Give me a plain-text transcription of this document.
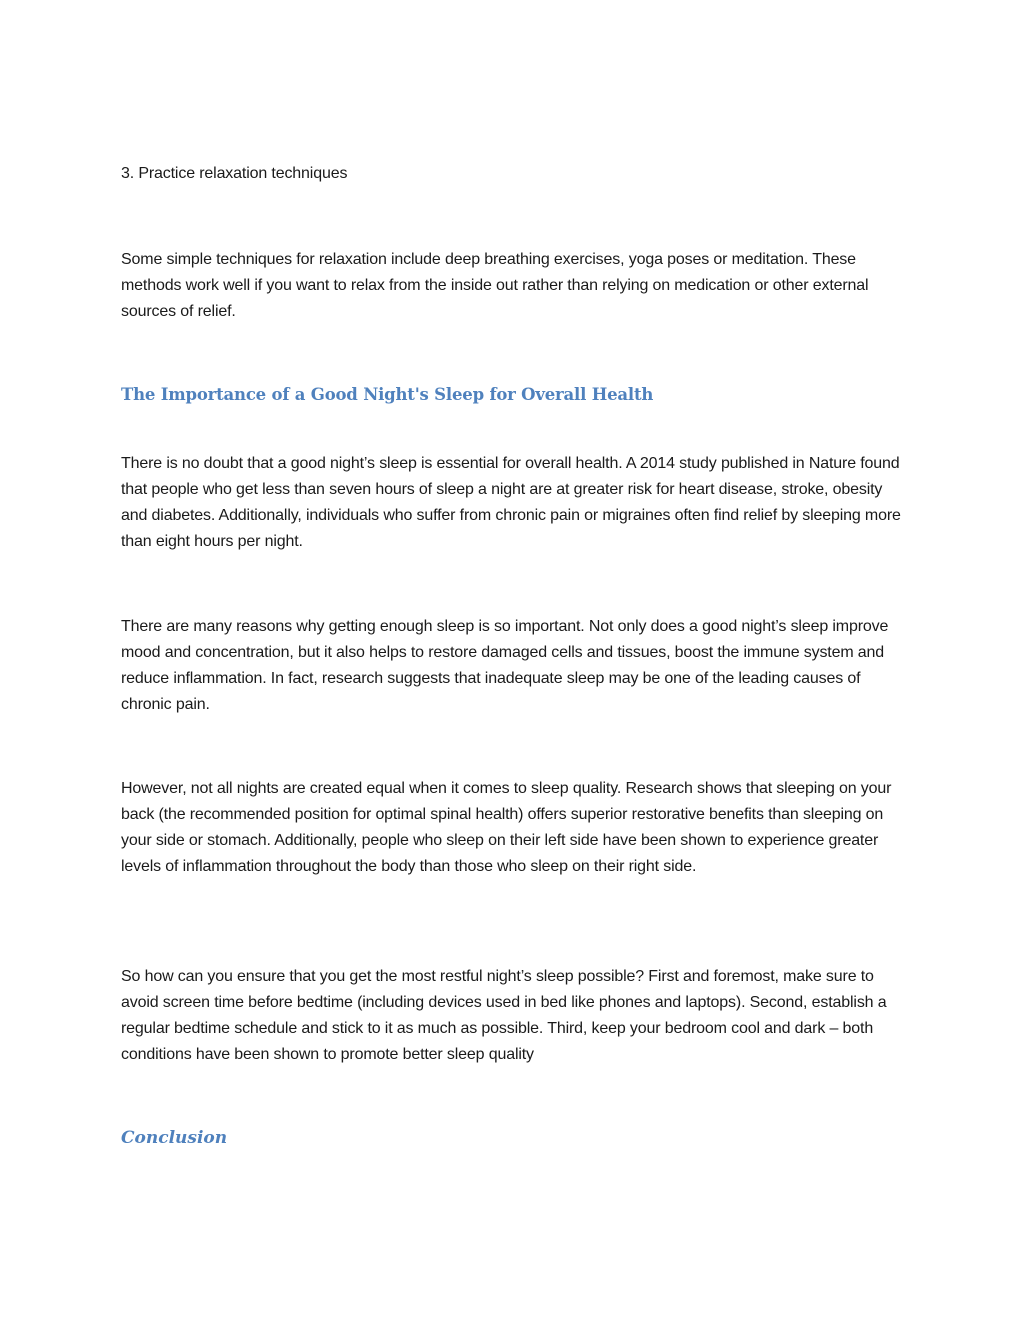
3. Practice relaxation techniques

Some simple techniques for relaxation include deep breathing exercises, yoga poses or meditation. These methods work well if you want to relax from the inside out rather than relying on medication or other external sources of relief.

The Importance of a Good Night's Sleep for Overall Health

There is no doubt that a good night’s sleep is essential for overall health. A 2014 study published in Nature found that people who get less than seven hours of sleep a night are at greater risk for heart disease, stroke, obesity and diabetes. Additionally, individuals who suffer from chronic pain or migraines often find relief by sleeping more than eight hours per night.

There are many reasons why getting enough sleep is so important. Not only does a good night’s sleep improve mood and concentration, but it also helps to restore damaged cells and tissues, boost the immune system and reduce inflammation. In fact, research suggests that inadequate sleep may be one of the leading causes of chronic pain.

However, not all nights are created equal when it comes to sleep quality. Research shows that sleeping on your back (the recommended position for optimal spinal health) offers superior restorative benefits than sleeping on your side or stomach. Additionally, people who sleep on their left side have been shown to experience greater levels of inflammation throughout the body than those who sleep on their right side.

So how can you ensure that you get the most restful night’s sleep possible? First and foremost, make sure to avoid screen time before bedtime (including devices used in bed like phones and laptops). Second, establish a regular bedtime schedule and stick to it as much as possible. Third, keep your bedroom cool and dark – both conditions have been shown to promote better sleep quality

Conclusion
